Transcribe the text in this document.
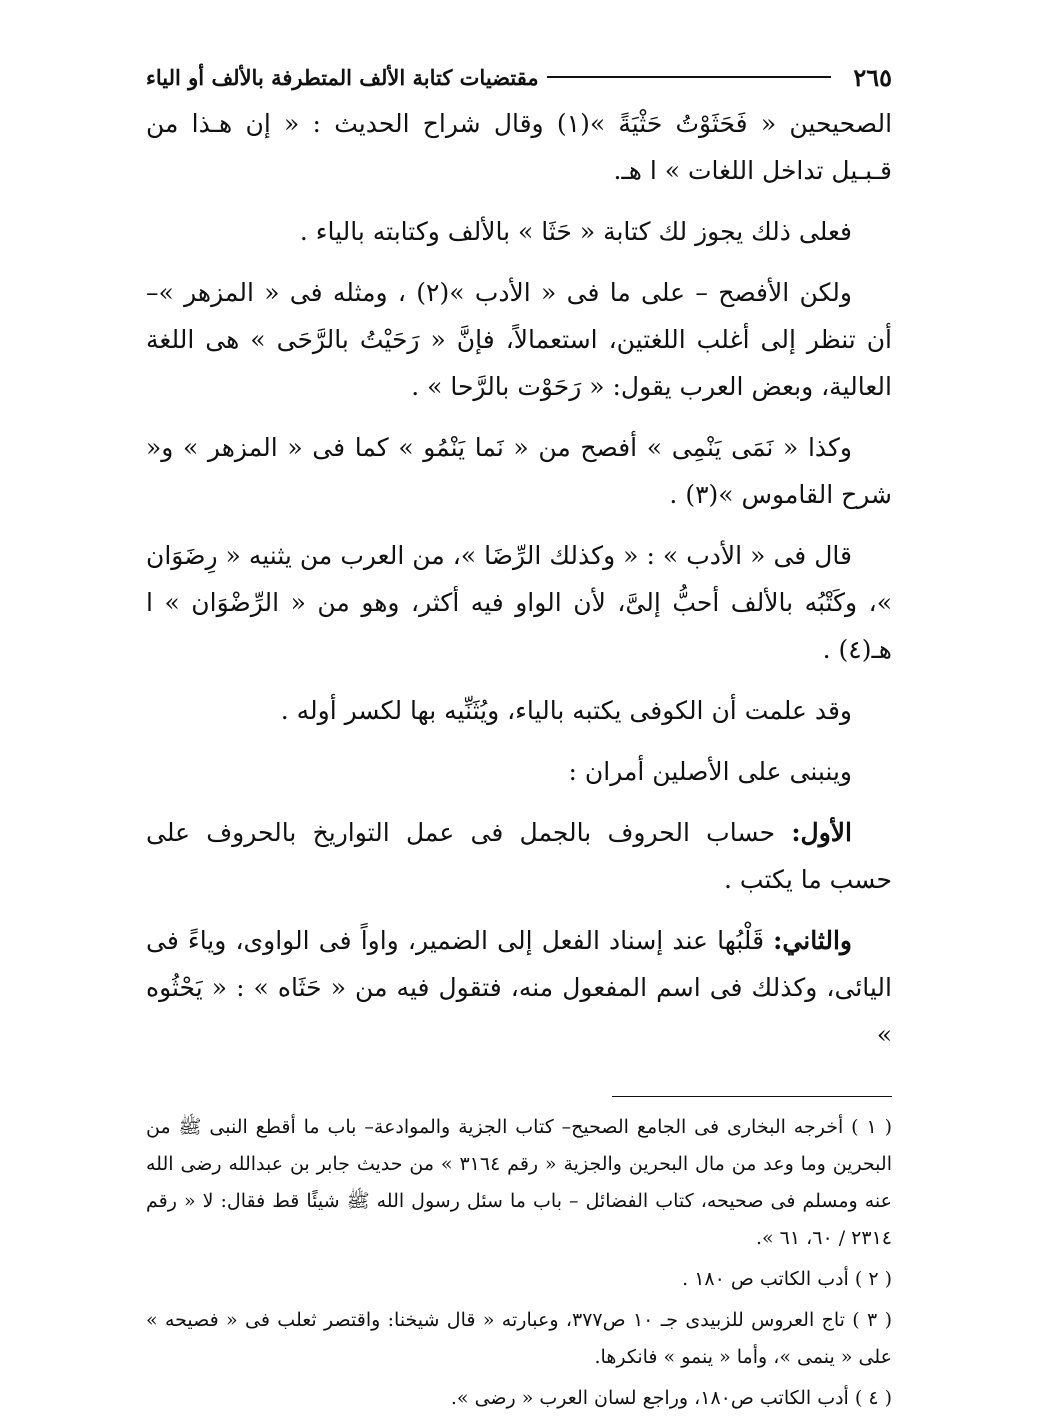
٢٦٥
مقتضيات كتابة الألف المتطرفة بالألف أو الياء

الصحيحين « فَحَثَوْتُ حَثْيَةً »(١) وقال شراح الحديث : « إن هـذا من قـبـيل تداخل اللغات » ا هـ.

فعلى ذلك يجوز لك كتابة « حَثَا » بالألف وكتابته بالياء .

ولكن الأفصح – على ما فى « الأدب »(٢) ، ومثله فى « المزهر »– أن تنظر إلى أغلب اللغتين، استعمالاً، فإنَّ « رَحَيْتُ بالرَّحَى » هى اللغة العالية، وبعض العرب يقول: « رَحَوْت بالرَّحا » .

وكذا « نَمَى يَنْمِى » أفصح من « نَما يَنْمُو » كما فى « المزهر » و« شرح القاموس »(٣) .

قال فى « الأدب » : « وكذلك الرِّضَا »، من العرب من يثنيه « رِضَوَان »، وكَتْبُه بالألف أحبُّ إلىَّ، لأن الواو فيه أكثر، وهو من « الرِّضْوَان » ا هـ(٤) .

وقد علمت أن الكوفى يكتبه بالياء، ويُثَنِّيه بها لكسر أوله .

وينبنى على الأصلين أمران :

الأول: حساب الحروف بالجمل فى عمل التواريخ بالحروف على حسب ما يكتب .

والثاني: قَلْبُها عند إسناد الفعل إلى الضمير، واواً فى الواوى، وياءً فى اليائى، وكذلك فى اسم المفعول منه، فتقول فيه من « حَثَاه » : « يَحْثُوه »

( ١ ) أخرجه البخارى فى الجامع الصحيح– كتاب الجزية والموادعة– باب ما أقطع النبى ﷺ من البحرين وما وعد من مال البحرين والجزية « رقم ٣١٦٤ » من حديث جابر بن عبدالله رضى الله عنه ومسلم فى صحيحه، كتاب الفضائل – باب ما سئل رسول الله ﷺ شيئًا قط فقال: لا « رقم ٢٣١٤ / ٦٠، ٦١ ».

( ٢ ) أدب الكاتب ص ١٨٠ .

( ٣ ) تاج العروس للزبيدى جـ ١٠ ص٣٧٧، وعبارته « قال شيخنا: واقتصر ثعلب فى « فصيحه » على « ينمى »، وأما « ينمو » فانكرها.

( ٤ ) أدب الكاتب ص١٨٠، وراجع لسان العرب « رضى ».
